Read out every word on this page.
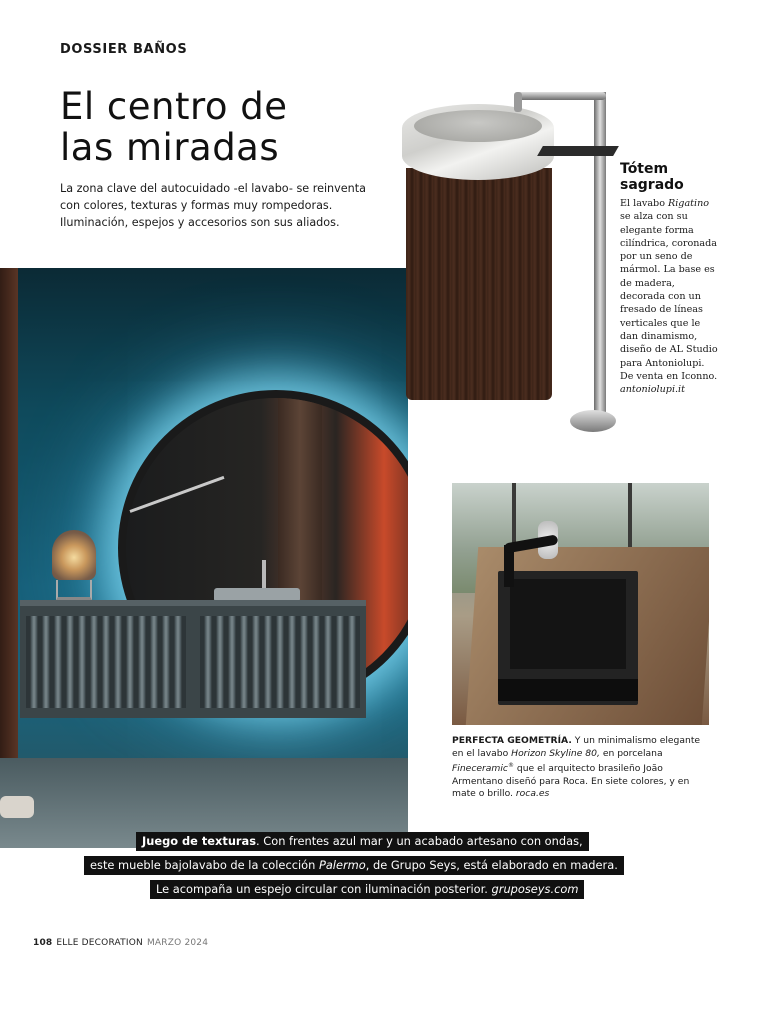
DOSSIER BAÑOS
El centro de
las miradas
La zona clave del autocuidado -el lavabo- se reinventa con colores, texturas y formas muy rompedoras. Iluminación, espejos y accesorios son sus aliados.
Tótem
sagrado
El lavabo Rigatino se alza con su elegante forma cilíndrica, coronada por un seno de mármol. La base es de madera, decorada con un fresado de líneas verticales que le dan dinamismo, diseño de AL Studio para Antoniolupi. De venta en Iconno. antoniolupi.it
PERFECTA GEOMETRÍA. Y un minimalismo elegante en el lavabo Horizon Skyline 80, en porcelana Fineceramic® que el arquitecto brasileño João Armentano diseñó para Roca. En siete colores, y en mate o brillo. roca.es
Juego de texturas. Con frentes azul mar y un acabado artesano con ondas,
este mueble bajolavabo de la colección Palermo, de Grupo Seys, está elaborado en madera.
Le acompaña un espejo circular con iluminación posterior. gruposeys.com
108 ELLE DECORATION MARZO 2024
